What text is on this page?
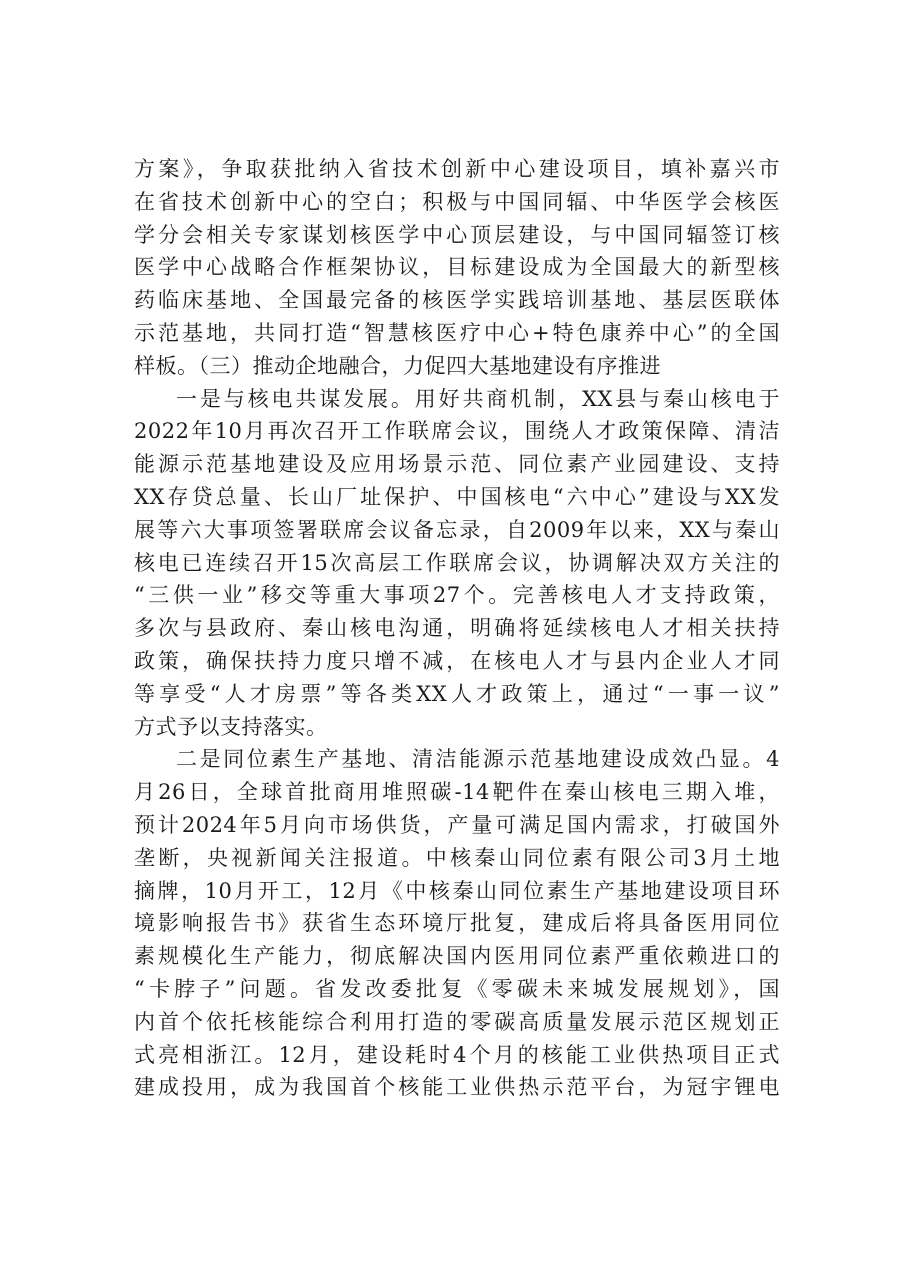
方案》，争取获批纳入省技术创新中心建设项目，填补嘉兴市
在省技术创新中心的空白；积极与中国同辐、中华医学会核医
学分会相关专家谋划核医学中心顶层建设，与中国同辐签订核
医学中心战略合作框架协议，目标建设成为全国最大的新型核
药临床基地、全国最完备的核医学实践培训基地、基层医联体
示范基地，共同打造“智慧核医疗中心+特色康养中心”的全国
样板。（三）推动企地融合，力促四大基地建设有序推进
一是与核电共谋发展。用好共商机制，XX县与秦山核电于
2022年10月再次召开工作联席会议，围绕人才政策保障、清洁
能源示范基地建设及应用场景示范、同位素产业园建设、支持
XX存贷总量、长山厂址保护、中国核电“六中心”建设与XX发
展等六大事项签署联席会议备忘录，自2009年以来，XX与秦山
核电已连续召开15次高层工作联席会议，协调解决双方关注的
“三供一业”移交等重大事项27个。完善核电人才支持政策，
多次与县政府、秦山核电沟通，明确将延续核电人才相关扶持
政策，确保扶持力度只增不减，在核电人才与县内企业人才同
等享受“人才房票”等各类XX人才政策上，通过“一事一议”
方式予以支持落实。
二是同位素生产基地、清洁能源示范基地建设成效凸显。4
月26日，全球首批商用堆照碳-14靶件在秦山核电三期入堆，
预计2024年5月向市场供货，产量可满足国内需求，打破国外
垄断，央视新闻关注报道。中核秦山同位素有限公司3月土地
摘牌，10月开工，12月《中核秦山同位素生产基地建设项目环
境影响报告书》获省生态环境厅批复，建成后将具备医用同位
素规模化生产能力，彻底解决国内医用同位素严重依赖进口的
“卡脖子”问题。省发改委批复《零碳未来城发展规划》，国
内首个依托核能综合利用打造的零碳高质量发展示范区规划正
式亮相浙江。12月，建设耗时4个月的核能工业供热项目正式
建成投用，成为我国首个核能工业供热示范平台，为冠宇锂电
